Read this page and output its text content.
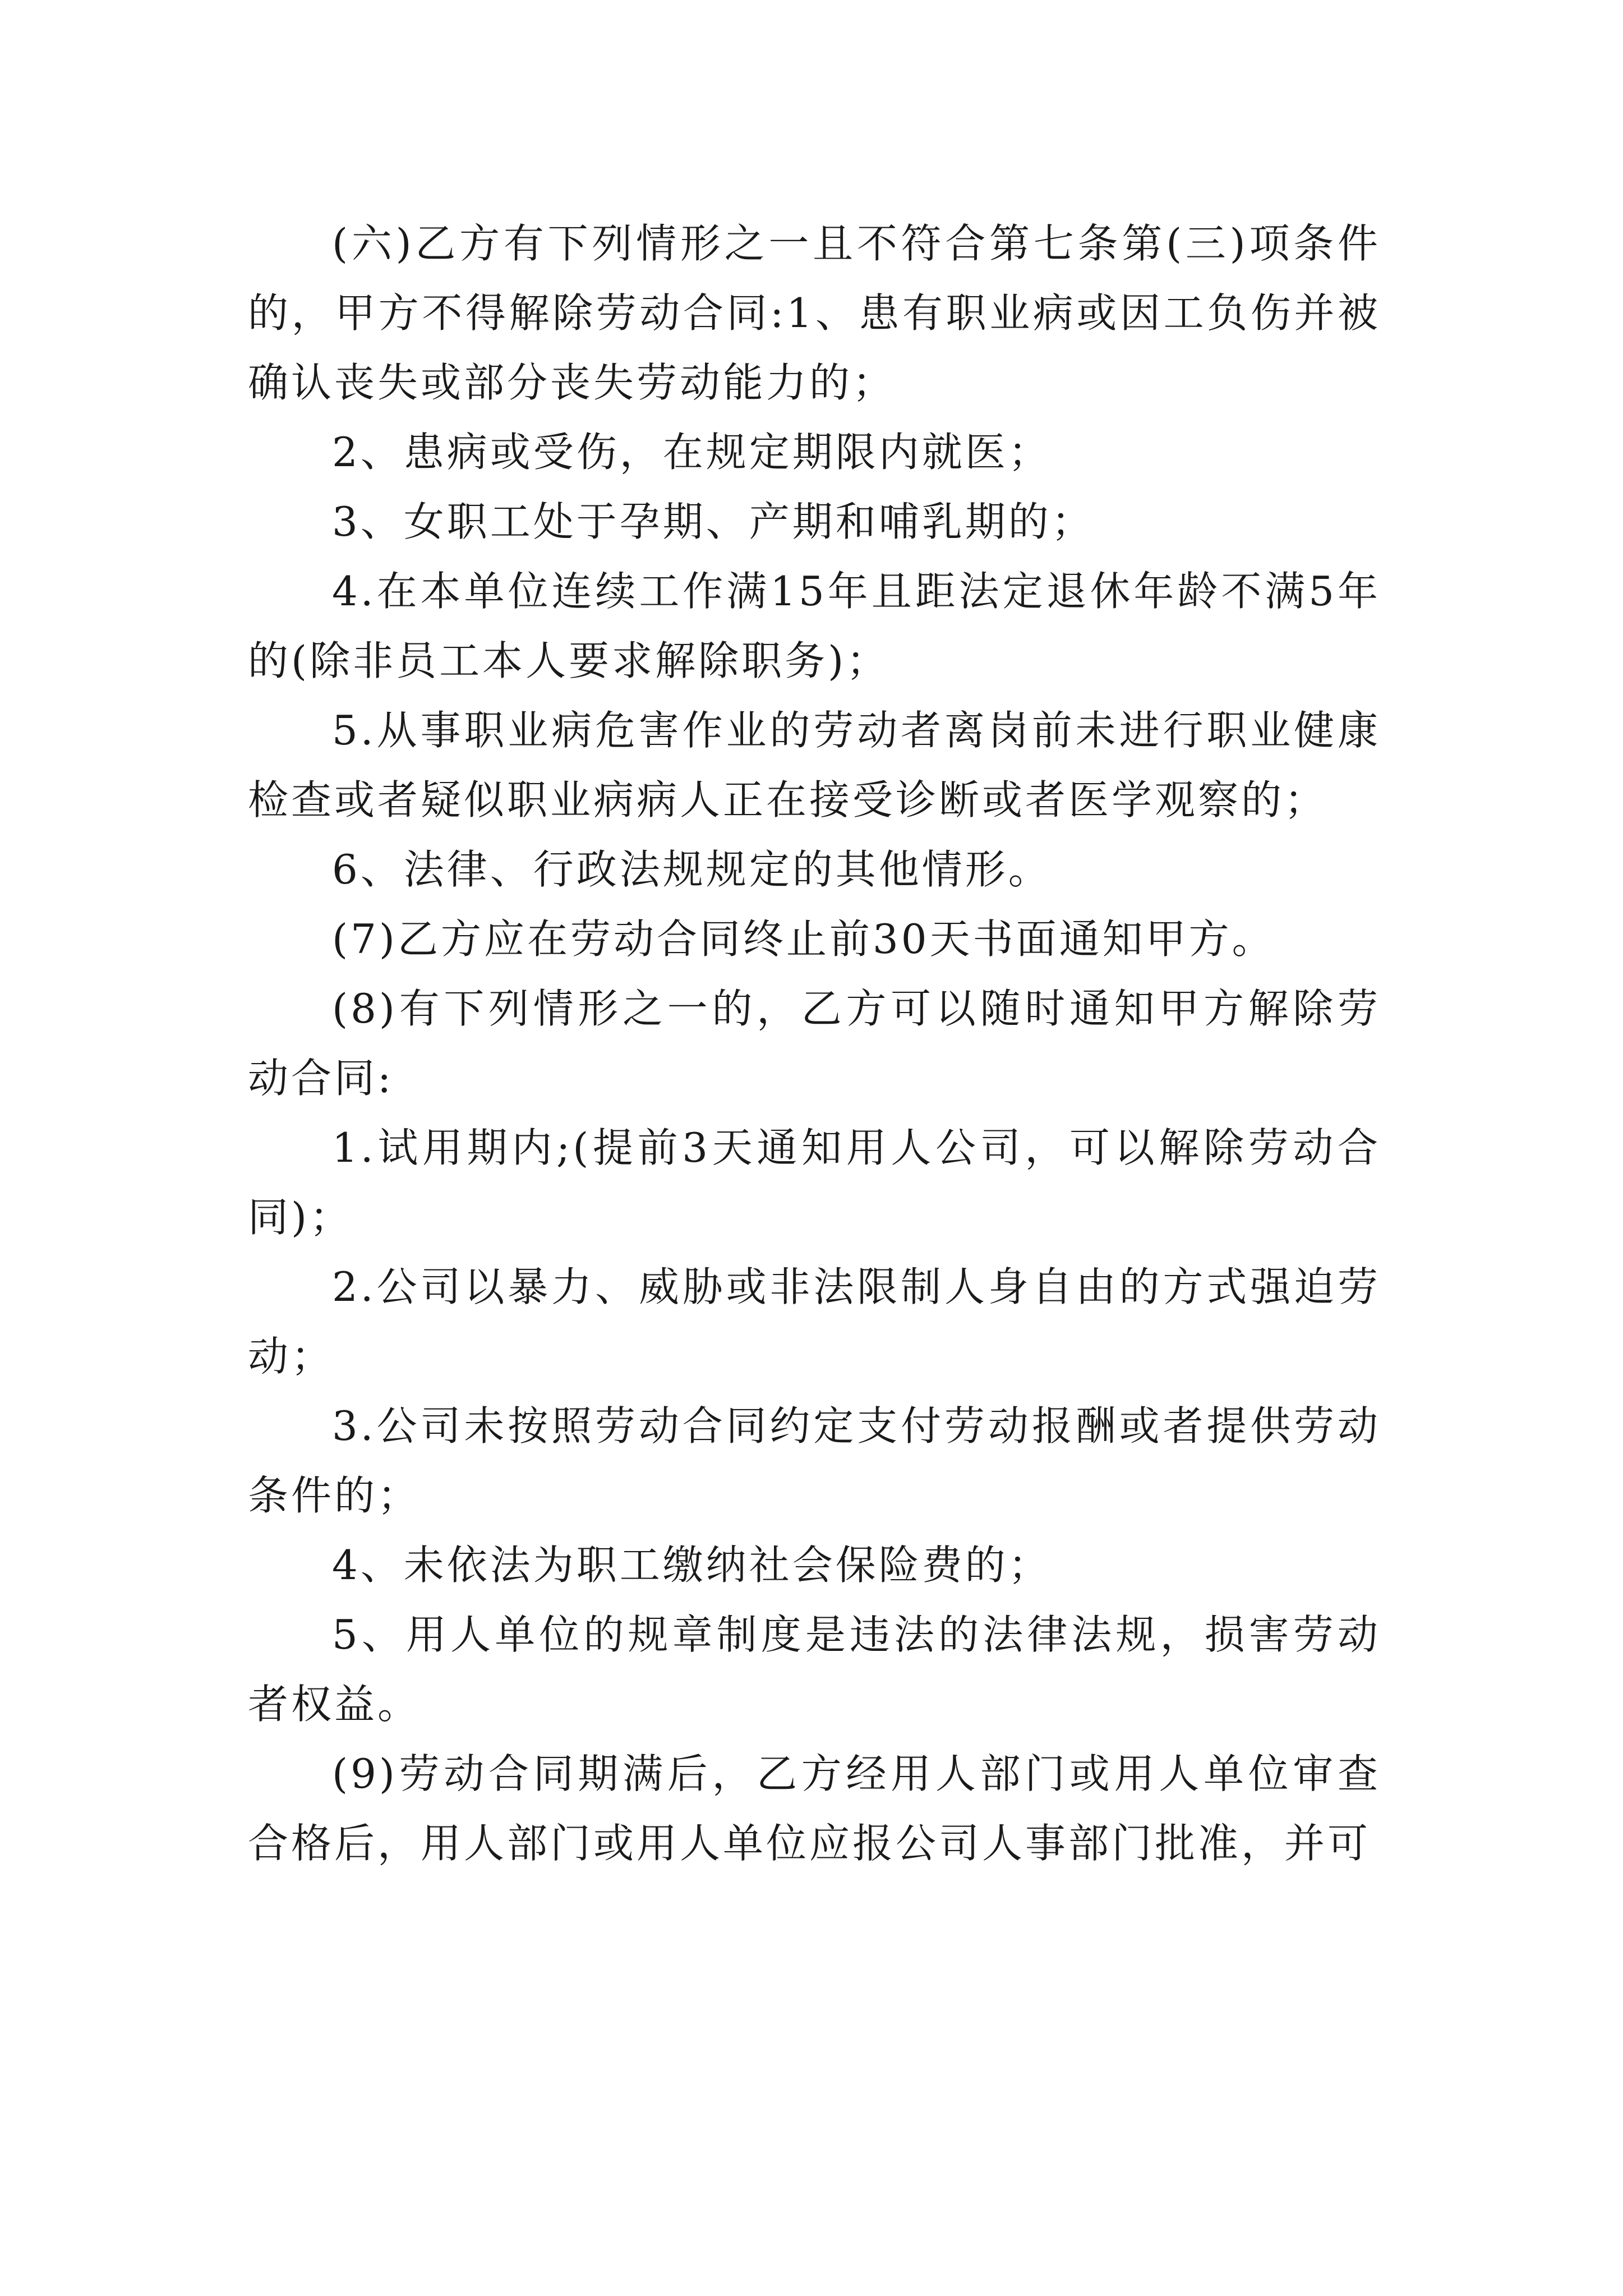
(六)乙方有下列情形之一且不符合第七条第(三)项条件的，甲方不得解除劳动合同:1、患有职业病或因工负伤并被确认丧失或部分丧失劳动能力的；

2、患病或受伤，在规定期限内就医；

3、女职工处于孕期、产期和哺乳期的；

4.在本单位连续工作满15年且距法定退休年龄不满5年的(除非员工本人要求解除职务)；

5.从事职业病危害作业的劳动者离岗前未进行职业健康检查或者疑似职业病病人正在接受诊断或者医学观察的；

6、法律、行政法规规定的其他情形。

(7)乙方应在劳动合同终止前30天书面通知甲方。

(8)有下列情形之一的，乙方可以随时通知甲方解除劳动合同:

1.试用期内;(提前3天通知用人公司，可以解除劳动合同)；

2.公司以暴力、威胁或非法限制人身自由的方式强迫劳动；

3.公司未按照劳动合同约定支付劳动报酬或者提供劳动条件的；

4、未依法为职工缴纳社会保险费的；

5、用人单位的规章制度是违法的法律法规，损害劳动者权益。

(9)劳动合同期满后，乙方经用人部门或用人单位审查合格后，用人部门或用人单位应报公司人事部门批准，并可
